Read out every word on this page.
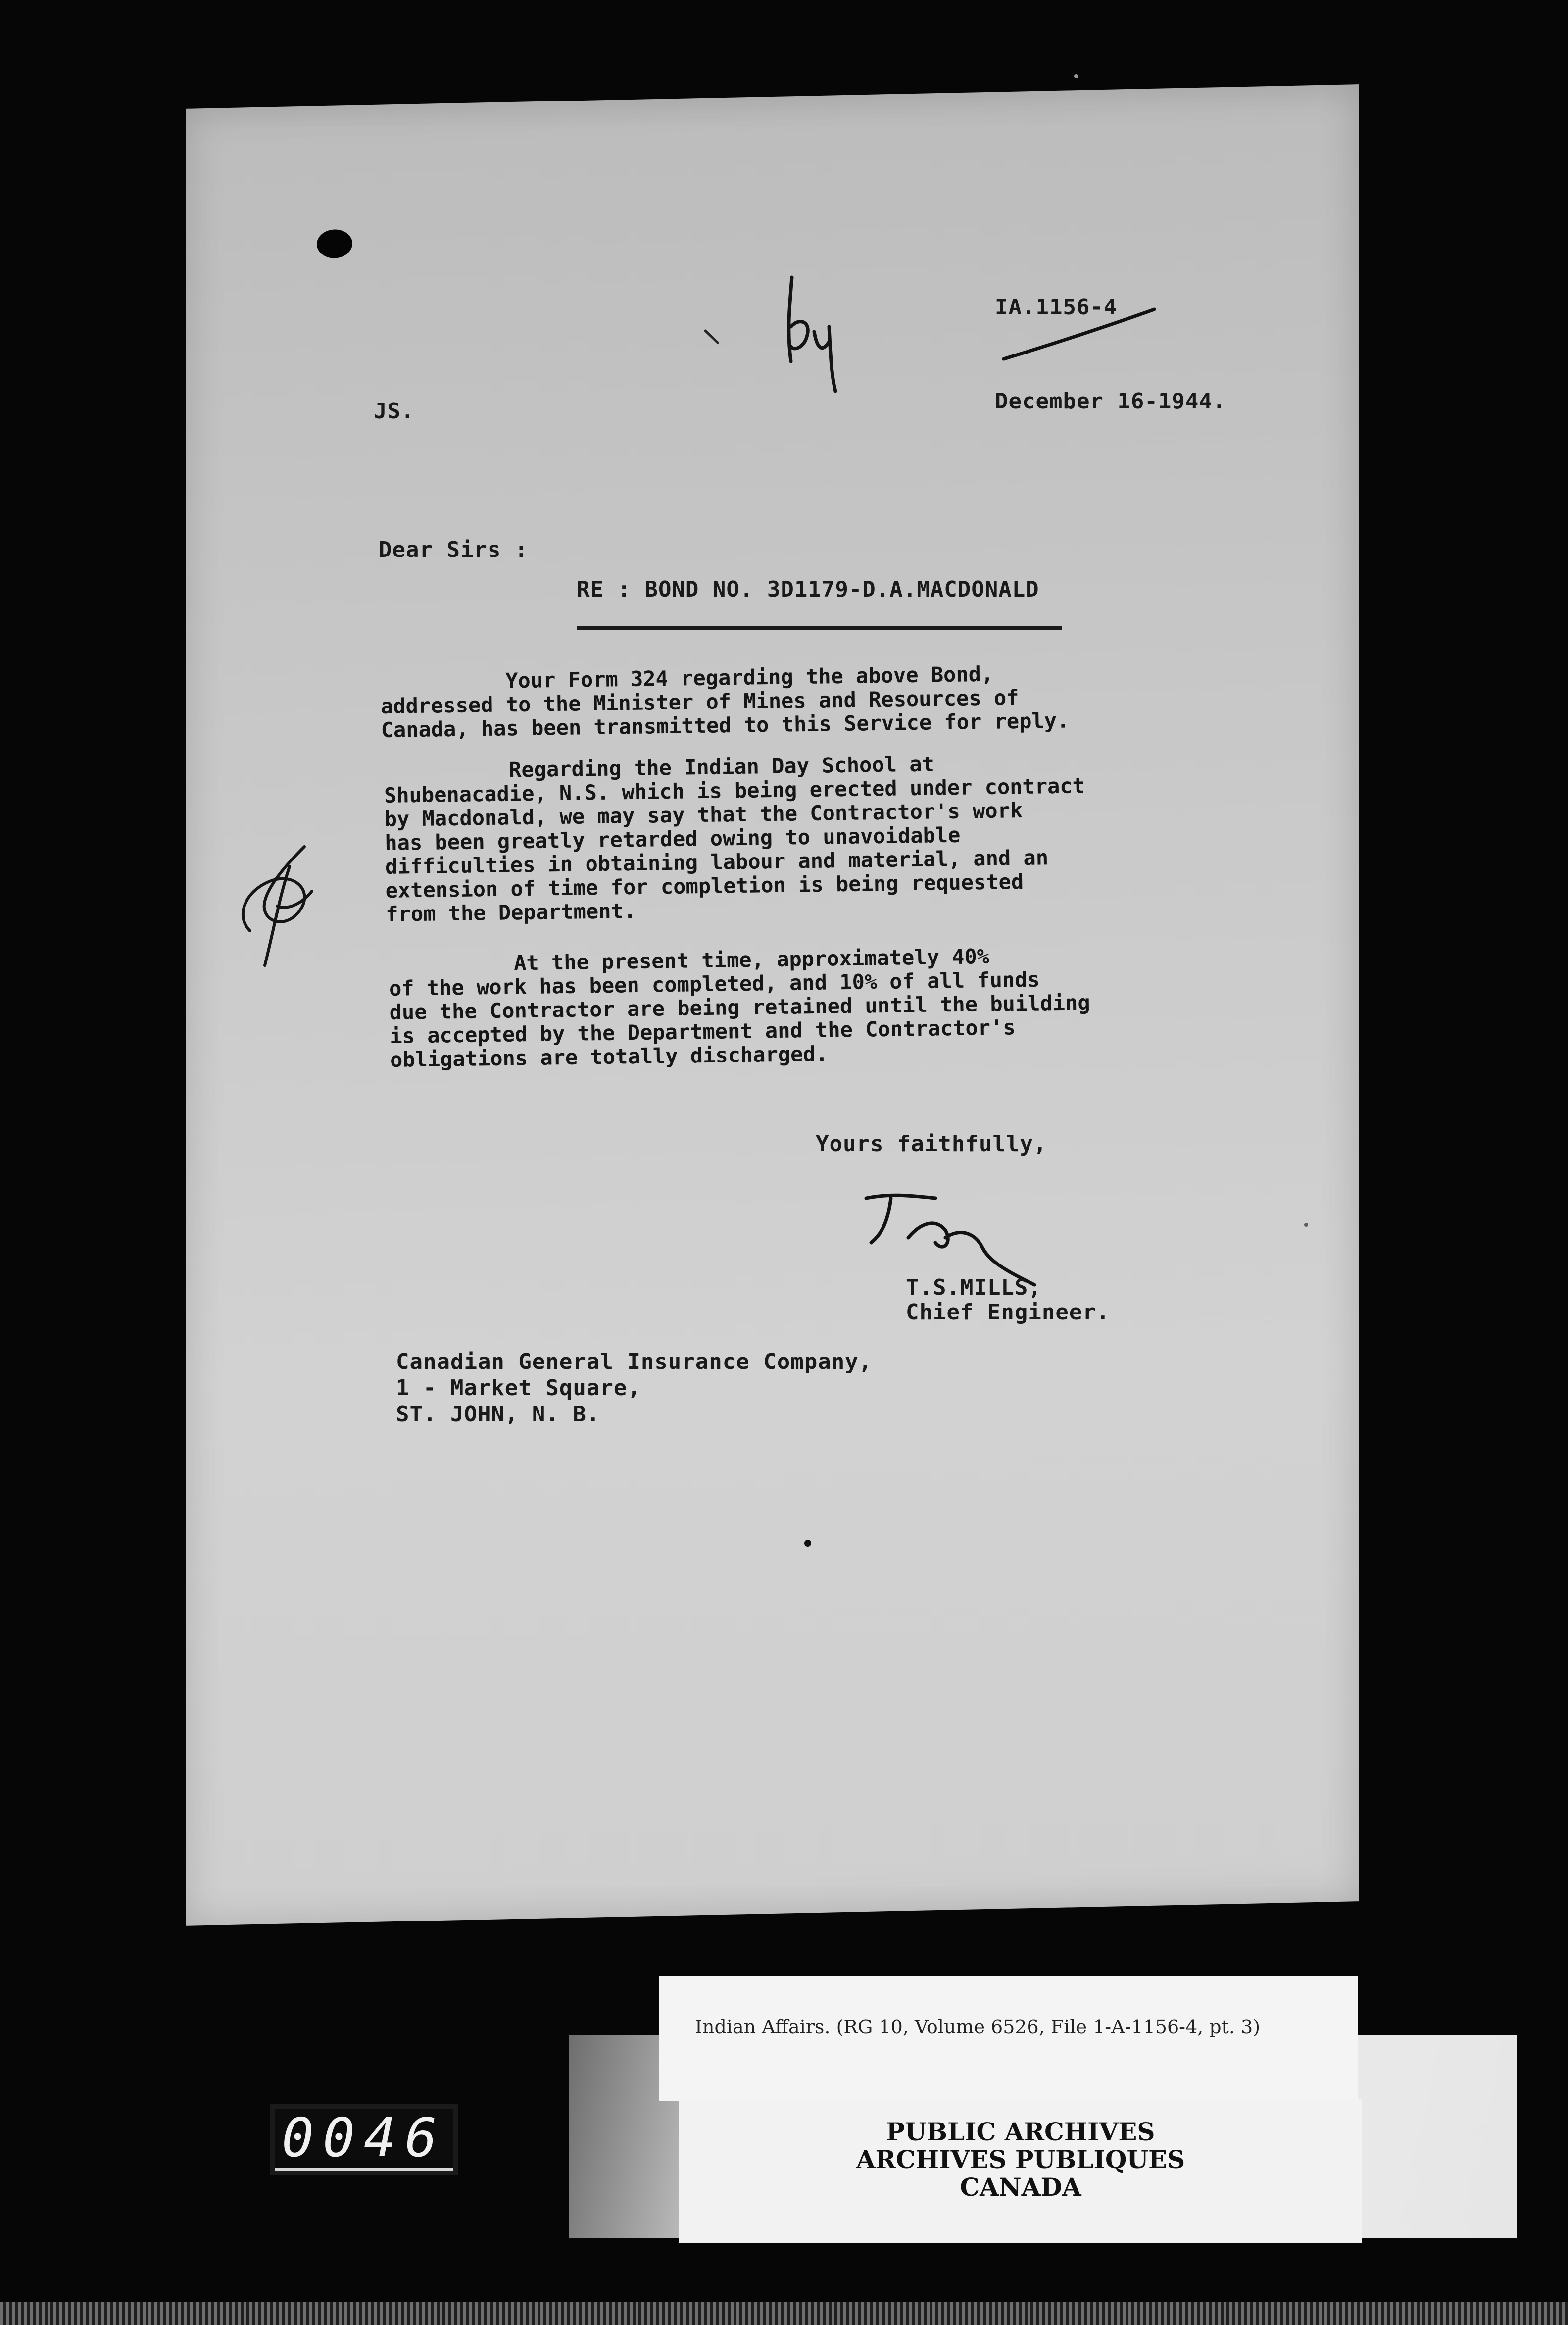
IA.1156-4
JS.	December 16-1944.
Dear Sirs :
RE : BOND NO. 3D1179-D.A.MACDONALD
Your Form 324 regarding the above Bond,
addressed to the Minister of Mines and Resources of
Canada, has been transmitted to this Service for reply.
Regarding the Indian Day School at
Shubenacadie, N.S. which is being erected under contract
by Macdonald, we may say that the Contractor's work
has been greatly retarded owing to unavoidable
difficulties in obtaining labour and material, and an
extension of time for completion is being requested
from the Department.
At the present time, approximately 40%
of the work has been completed, and 10% of all funds
due the Contractor are being retained until the building
is accepted by the Department and the Contractor's
obligations are totally discharged.
Yours faithfully,
T.S.MILLS,
Chief Engineer.
Canadian General Insurance Company,
1 - Market Square,
ST. JOHN, N. B.
Indian Affairs. (RG 10, Volume 6526, File 1-A-1156-4, pt. 3)
PUBLIC ARCHIVES
ARCHIVES PUBLIQUES
CANADA
0046
